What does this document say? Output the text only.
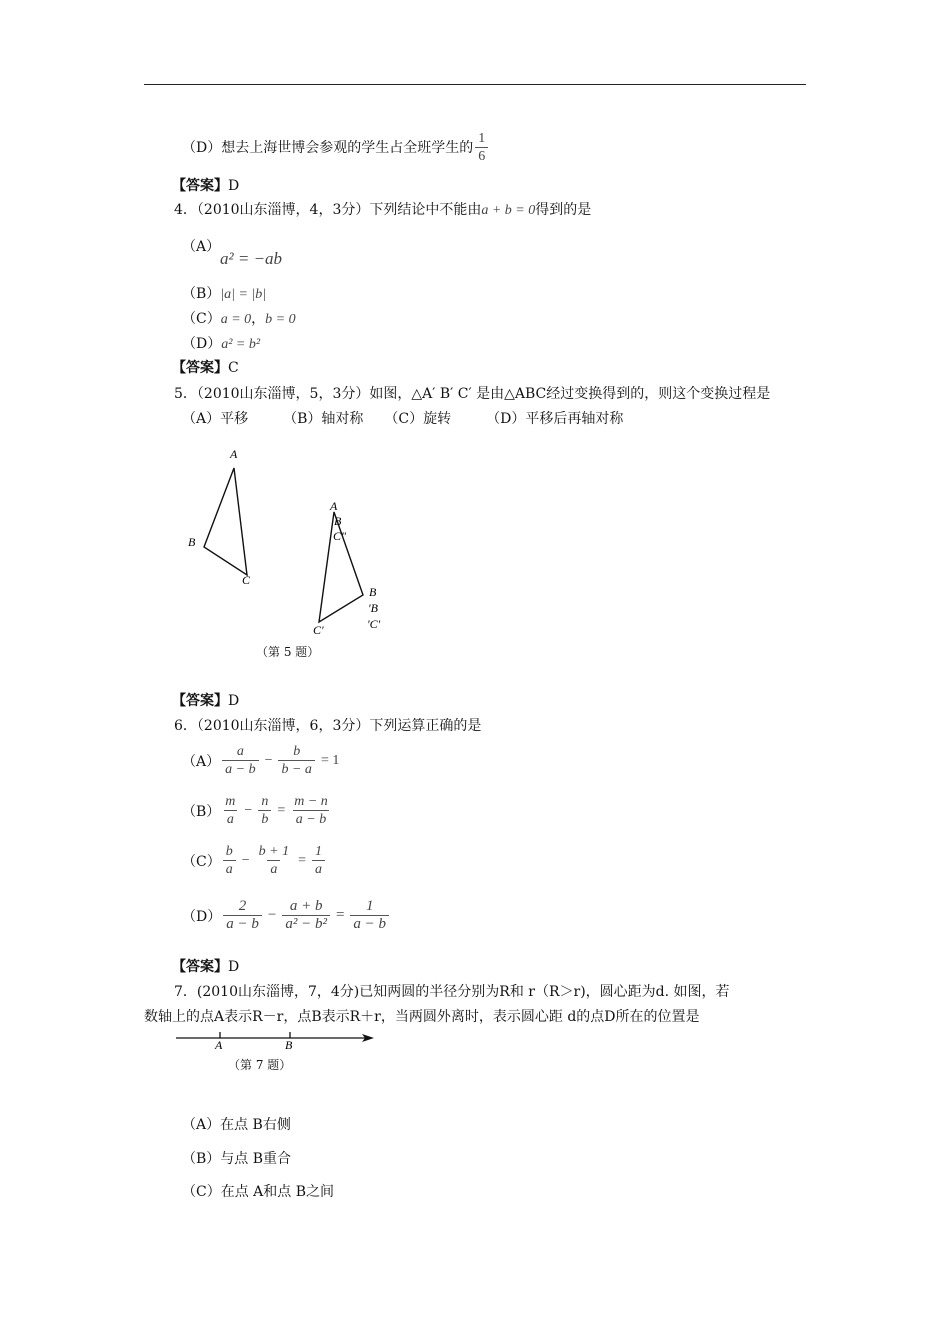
（D）想去上海世博会参观的学生占全班学生的 $\frac{1}{6}$
【答案】D
4．（2010山东淄博，4，3分）下列结论中不能由a + b = 0得到的是
（A）
a² = −ab
（B）|a| = |b|
（C）a = 0，b = 0
（D）a² = b²
【答案】C
5．（2010山东淄博，5，3分）如图，△A′ B′ C′ 是由△ABC经过变换得到的，则这个变换过程是
（A）平移　　　（B）轴对称　　（C）旋转　　　（D）平移后再轴对称
A
B
C
A
B
C"
B
'B
'C'
C'
（第 5 题）
【答案】D
6．（2010山东淄博，6，3分）下列运算正确的是
$(A) \frac{a}{a - b} - \frac{b}{b - a} = 1$
$(B) \frac{m}{a} - \frac{n}{b} = \frac{m - n}{a - b}$
$(C) \frac{b}{a} - \frac{b + 1}{a} = \frac{1}{a}$
$(D) \frac{2}{a - b} - \frac{a + b}{\text{a² − b²}} = \frac{1}{a - b}$
【答案】D
7．(2010山东淄博，7，4分)已知两圆的半径分别为R和 r（R＞r)，圆心距为d. 如图，若
数轴上的点A表示R－r，点B表示R＋r，当两圆外离时，表示圆心距 d的点D所在的位置是
A	B
（第 7 题）
（A）在点 B右侧
（B）与点 B重合
（C）在点 A和点 B之间
